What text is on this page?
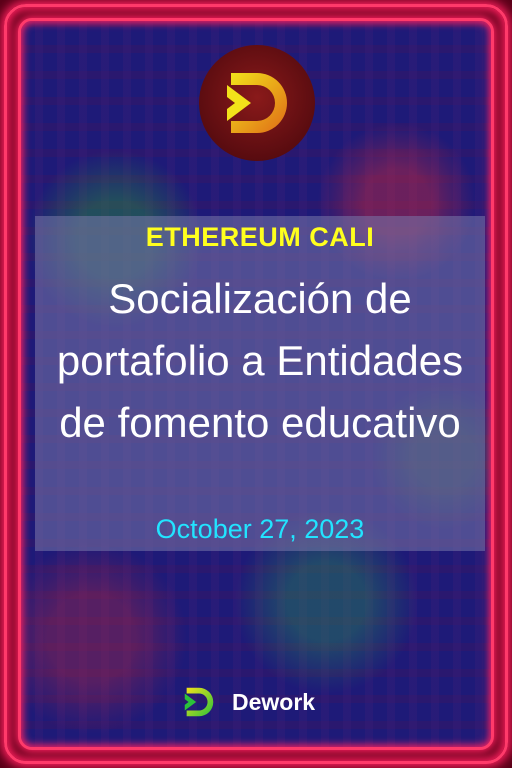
ETHEREUM CALI
Socialización de portafolio a Entidades de fomento educativo
October 27, 2023
Dework
